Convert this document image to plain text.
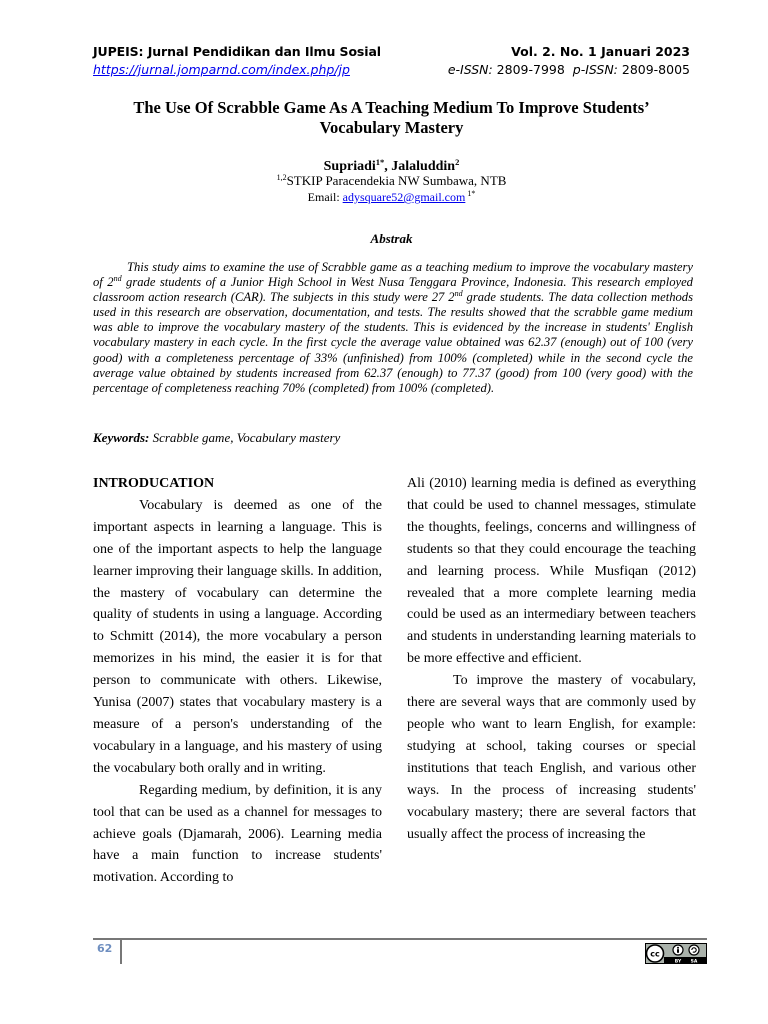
JUPEIS: Jurnal Pendidikan dan Ilmu Sosial
https://jurnal.jomparnd.com/index.php/jp
Vol. 2. No. 1 Januari 2023
e-ISSN: 2809-7998  p-ISSN: 2809-8005
The Use Of Scrabble Game As A Teaching Medium To Improve Students’ Vocabulary Mastery
Supriadi$^{1*}$, Jalaluddin$^2$
$^{1,2}$STKIP Paracendekia NW Sumbawa, NTB
Email: adysquare52@gmail.com $^{1*}$
Abstrak

This study aims to examine the use of Scrabble game as a teaching medium to improve the vocabulary mastery of 2nd grade students of a Junior High School in West Nusa Tenggara Province, Indonesia. This research employed classroom action research (CAR). The subjects in this study were 27 2nd grade students. The data collection methods used in this research are observation, documentation, and tests. The results showed that the scrabble game medium was able to improve the vocabulary mastery of the students. This is evidenced by the increase in students' English vocabulary mastery in each cycle. In the first cycle the average value obtained was 62.37 (enough) out of 100 (very good) with a completeness percentage of 33% (unfinished) from 100% (completed) while in the second cycle the average value obtained by students increased from 62.37 (enough) to 77.37 (good) from 100 (very good) with the percentage of completeness reaching 70% (completed) from 100% (completed).

Keywords: Scrabble game, Vocabulary mastery
INTRODUCATION

Vocabulary is deemed as one of the important aspects in learning a language. This is one of the important aspects to help the language learner improving their language skills. In addition, the mastery of vocabulary can determine the quality of students in using a language. According to Schmitt (2014), the more vocabulary a person memorizes in his mind, the easier it is for that person to communicate with others. Likewise, Yunisa (2007) states that vocabulary mastery is a measure of a person's understanding of the vocabulary in a language, and his mastery of using the vocabulary both orally and in writing.

Regarding medium, by definition, it is any tool that can be used as a channel for messages to achieve goals (Djamarah, 2006). Learning media have a main function to increase students' motivation. According to

Ali (2010) learning media is defined as everything that could be used to channel messages, stimulate the thoughts, feelings, concerns and willingness of students so that they could encourage the teaching and learning process. While Musfiqan (2012) revealed that a more complete learning media could be used as an intermediary between teachers and students in understanding learning materials to be more effective and efficient.

To improve the mastery of vocabulary, there are several ways that are commonly used by people who want to learn English, for example: studying at school, taking courses or special institutions that teach English, and various other ways. In the process of increasing students' vocabulary mastery; there are several factors that usually affect the process of increasing the

62	cc
BY SA
